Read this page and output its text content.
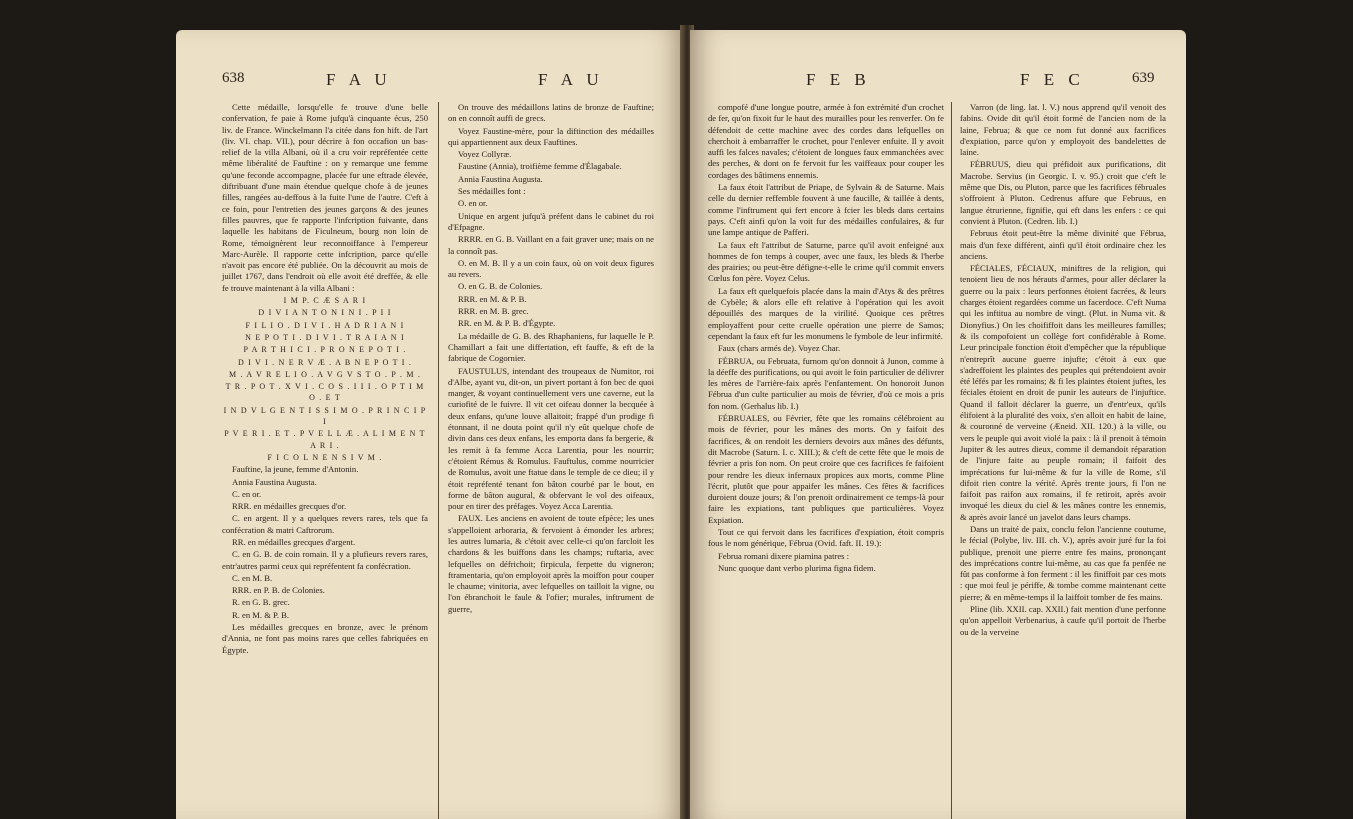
638	F A U	F A U

Cette médaille, lorsqu'elle fe trouve d'une belle confervation, fe paie à Rome jufqu'à cinquante écus, 250 liv. de France. Winckelmann l'a citée dans fon hift. de l'art (liv. VI. chap. VII.), pour décrire à fon occafion un bas-relief de la villa Albani, où il a cru voir repréfentée cette même libéralité de Fauftine : on y remarque une femme qu'une feconde accompagne, placée fur une eftrade élevée, diftribuant d'une main étendue quelque chofe à de jeunes filles, rangées au-deffous à la fuite l'une de l'autre. C'eft à ce foin, pour l'entretien des jeunes garçons & des jeunes filles pauvres, que fe rapporte l'infcription fuivante, dans laquelle les habitans de Ficulneum, bourg non loin de Rome, témoignèrent leur reconnoiffance à l'empereur Marc-Aurèle. Il rapporte cette infcription, parce qu'elle n'avoit pas encore été publiée. On la découvrit au mois de juillet 1767, dans l'endroit où elle avoit été dreffée, & elle fe trouve maintenant à la villa Albani :

I M P. C Æ S A R I

D I V I A N T O N I N I . P I I

F I L I O . D I V I . H A D R I A N I

N E P O T I . D I V I . T R A I A N I

P A R T H I C I . P R O N E P O T I .

D I V I . N E R V Æ . A B N E P O T I .

M . A V R E L I O . A V G V S T O . P . M .

T R . P O T . X V I . C O S . I I I . O P T I M O . E T

I N D V L G E N T I S S I M O . P R I N C I P I

P V E R I . E T . P V E L L Æ . A L I M E N T A R I .

F I C O L N E N S I V M .

Fauftine, la jeune, femme d'Antonin.

Annia Faustina Augusta.

C. en or.

RRR. en médailles grecques d'or.

C. en argent. Il y a quelques revers rares, tels que fa confécration & matri Caftrorum.

RR. en médailles grecques d'argent.

C. en G. B. de coin romain. Il y a plufieurs revers rares, entr'autres parmi ceux qui repréfentent fa confécration.

C. en M. B.

RRR. en P. B. de Colonies.

R. en G. B. grec.

R. en M. & P. B.

Les médailles grecques en bronze, avec le prénom d'Annia, ne font pas moins rares que celles fabriquées en Égypte.

On trouve des médaillons latins de bronze de Fauftine; on en connoît auffi de grecs.

Voyez Faustine-mère, pour la diftinction des médailles qui appartiennent aux deux Fauftines.

Voyez Collyræ.

Faustine (Annia), troifième femme d'Élagabale.

Annia Faustina Augusta.

Ses médailles font :

O. en or.

Unique en argent jufqu'à préfent dans le cabinet du roi d'Efpagne.

RRRR. en G. B. Vaillant en a fait graver une; mais on ne la connoît pas.

O. en M. B. Il y a un coin faux, où on voit deux figures au revers.

O. en G. B. de Colonies.

RRR. en M. & P. B.

RRR. en M. B. grec.

RR. en M. & P. B. d'Égypte.

La médaille de G. B. des Rhaphaniens, fur laquelle le P. Chamillart a fait une differtation, eft fauffe, & eft de la fabrique de Cogornier.

FAUSTULUS, intendant des troupeaux de Numitor, roi d'Albe, ayant vu, dit-on, un pivert portant à fon bec de quoi manger, & voyant continuellement vers une caverne, eut la curiofité de le fuivre. Il vit cet oifeau donner la becquée à deux enfans, qu'une louve allaitoit; frappé d'un prodige fi étonnant, il ne douta point qu'il n'y eût quelque chofe de divin dans ces deux enfans, les emporta dans fa bergerie, & les remit à fa femme Acca Larentia, pour les nourrir; c'étoient Rémus & Romulus. Fauftulus, comme nourricier de Romulus, avoit une ftatue dans le temple de ce dieu; il y étoit repréfenté tenant fon bâton courbé par le bout, en forme de bâton augural, & obfervant le vol des oifeaux, pour en tirer des préfages. Voyez Acca Larentia.

FAUX. Les anciens en avoient de toute efpèce; les unes s'appelloient arboraria, & fervoient à émonder les arbres; les autres lumaria, & c'étoit avec celle-ci qu'on farcloit les chardons & les buiffons dans les champs; ruftaria, avec lefquelles on défrichoit; firpicula, ferpette du vigneron; ftramentaria, qu'on employoit après la moiffon pour couper le chaume; vinitoria, avec lefquelles on tailloit la vigne, ou l'on ébranchoit le faule & l'ofier; murales, inftrument de guerre,

F E B	F E C	639

compofé d'une longue poutre, armée à fon extrémité d'un crochet de fer, qu'on fixoit fur le haut des murailles pour les renverfer. On fe défendoit de cette machine avec des cordes dans lefquelles on cherchoit à embarraffer le crochet, pour l'enlever enfuite. Il y avoit auffi les falces navales; c'étoient de longues faux emmanchées avec des perches, & dont on fe fervoit fur les vaiffeaux pour couper les cordages des bâtimens ennemis.

La faux étoit l'attribut de Priape, de Sylvain & de Saturne. Mais celle du dernier reffemble fouvent à une faucille, & taillée à dents, comme l'inftrument qui fert encore à fcier les bleds dans certains pays. C'eft ainfi qu'on la voit fur des médailles confulaires, & fur une lampe antique de Pafferi.

La faux eft l'attribut de Saturne, parce qu'il avoit enfeigné aux hommes de fon temps à couper, avec une faux, les bleds & l'herbe des prairies; ou peut-être défigne-t-elle le crime qu'il commit envers Cœlus fon père. Voyez Celus.

La faux eft quelquefois placée dans la main d'Atys & des prêtres de Cybèle; & alors elle eft relative à l'opération qui les avoit dépouillés des marques de la virilité. Quoique ces prêtres employaffent pour cette cruelle opération une pierre de Samos; cependant la faux eft fur les monumens le fymbole de leur infirmité.

Faux (chars armés de). Voyez Char.

FÉBRUA, ou Februata, furnom qu'on donnoit à Junon, comme à la déeffe des purifications, ou qui avoit le foin particulier de délivrer les mères de l'arrière-faix après l'enfantement. On honoroit Junon Fébrua d'un culte particulier au mois de février, d'où ce mois a pris fon nom. (Gerhalus lib. I.)

FÉBRUALES, ou Février, fête que les romains célébroient au mois de février, pour les mânes des morts. On y faifoit des facrifices, & on rendoit les derniers devoirs aux mânes des défunts, dit Macrobe (Saturn. I. c. XIII.); & c'eft de cette fête que le mois de février a pris fon nom. On peut croire que ces facrifices fe faifoient pour rendre les dieux infernaux propices aux morts, comme Pline l'écrit, plutôt que pour appaifer les mânes. Ces fêtes & facrifices duroient douze jours; & l'on prenoit ordinairement ce temps-là pour faire les expiations, tant publiques que particulières. Voyez Expiation.

Tout ce qui fervoit dans les facrifices d'expiation, étoit compris fous le nom générique, Fébrua (Ovid. faft. II. 19.):

Februa romani dixere piamina patres :

Nunc quoque dant verbo plurima figna fidem.

Varron (de ling. lat. l. V.) nous apprend qu'il venoit des fabins. Ovide dit qu'il étoit formé de l'ancien nom de la laine, Februa; & que ce nom fut donné aux facrifices d'expiation, parce qu'on y employoit des bandelettes de laine.

FÉBRUUS, dieu qui préfidoit aux purifications, dit Macrobe. Servius (in Georgic. I. v. 95.) croit que c'eft le même que Dis, ou Pluton, parce que les facrifices fébruales s'offroient à Pluton. Cedrenus affure que Februus, en langue étrurienne, fignifie, qui eft dans les enfers : ce qui convient à Pluton. (Cedren. lib. I.)

Februus étoit peut-être la même divinité que Fébrua, mais d'un fexe différent, ainfi qu'il étoit ordinaire chez les anciens.

FÉCIALES, FÉCIAUX, miniftres de la religion, qui tenoient lieu de nos hérauts d'armes, pour aller déclarer la guerre ou la paix : leurs perfonnes étoient facrées, & leurs charges étoient regardées comme un facerdoce. C'eft Numa qui les inftitua au nombre de vingt. (Plut. in Numa vit. & Dionyfius.) On les choififfoit dans les meilleures familles; & ils compofoient un collège fort confidérable à Rome. Leur principale fonction étoit d'empêcher que la république n'entreprît aucune guerre injufte; c'étoit à eux que s'adreffoient les plaintes des peuples qui prétendoient avoir été léfés par les romains; & fi les plaintes étoient juftes, les féciales étoient en droit de punir les auteurs de l'injuftice. Quand il falloit déclarer la guerre, un d'entr'eux, qu'ils élifoient à la pluralité des voix, s'en alloit en habit de laine, & couronné de verveine (Æneid. XII. 120.) à la ville, ou vers le peuple qui avoit violé la paix : là il prenoit à témoin Jupiter & les autres dieux, comme il demandoit réparation de l'injure faite au peuple romain; il faifoit des imprécations fur lui-même & fur la ville de Rome, s'il difoit rien contre la vérité. Après trente jours, fi l'on ne faifoit pas raifon aux romains, il fe retiroit, après avoir invoqué les dieux du ciel & les mânes contre les ennemis, & après avoir lancé un javelot dans leurs champs.

Dans un traité de paix, conclu felon l'ancienne coutume, le fécial (Polybe, liv. III. ch. V.), après avoir juré fur la foi publique, prenoit une pierre entre fes mains, prononçant des imprécations contre lui-même, au cas que fa penfée ne fût pas conforme à fon ferment : il les finiffoit par ces mots : que moi feul je périffe, & tombe comme maintenant cette pierre; & en même-temps il la laiffoit tomber de fes mains.

Pline (lib. XXII. cap. XXII.) fait mention d'une perfonne qu'on appelloit Verbenarius, à caufe qu'il portoit de l'herbe ou de la verveine
